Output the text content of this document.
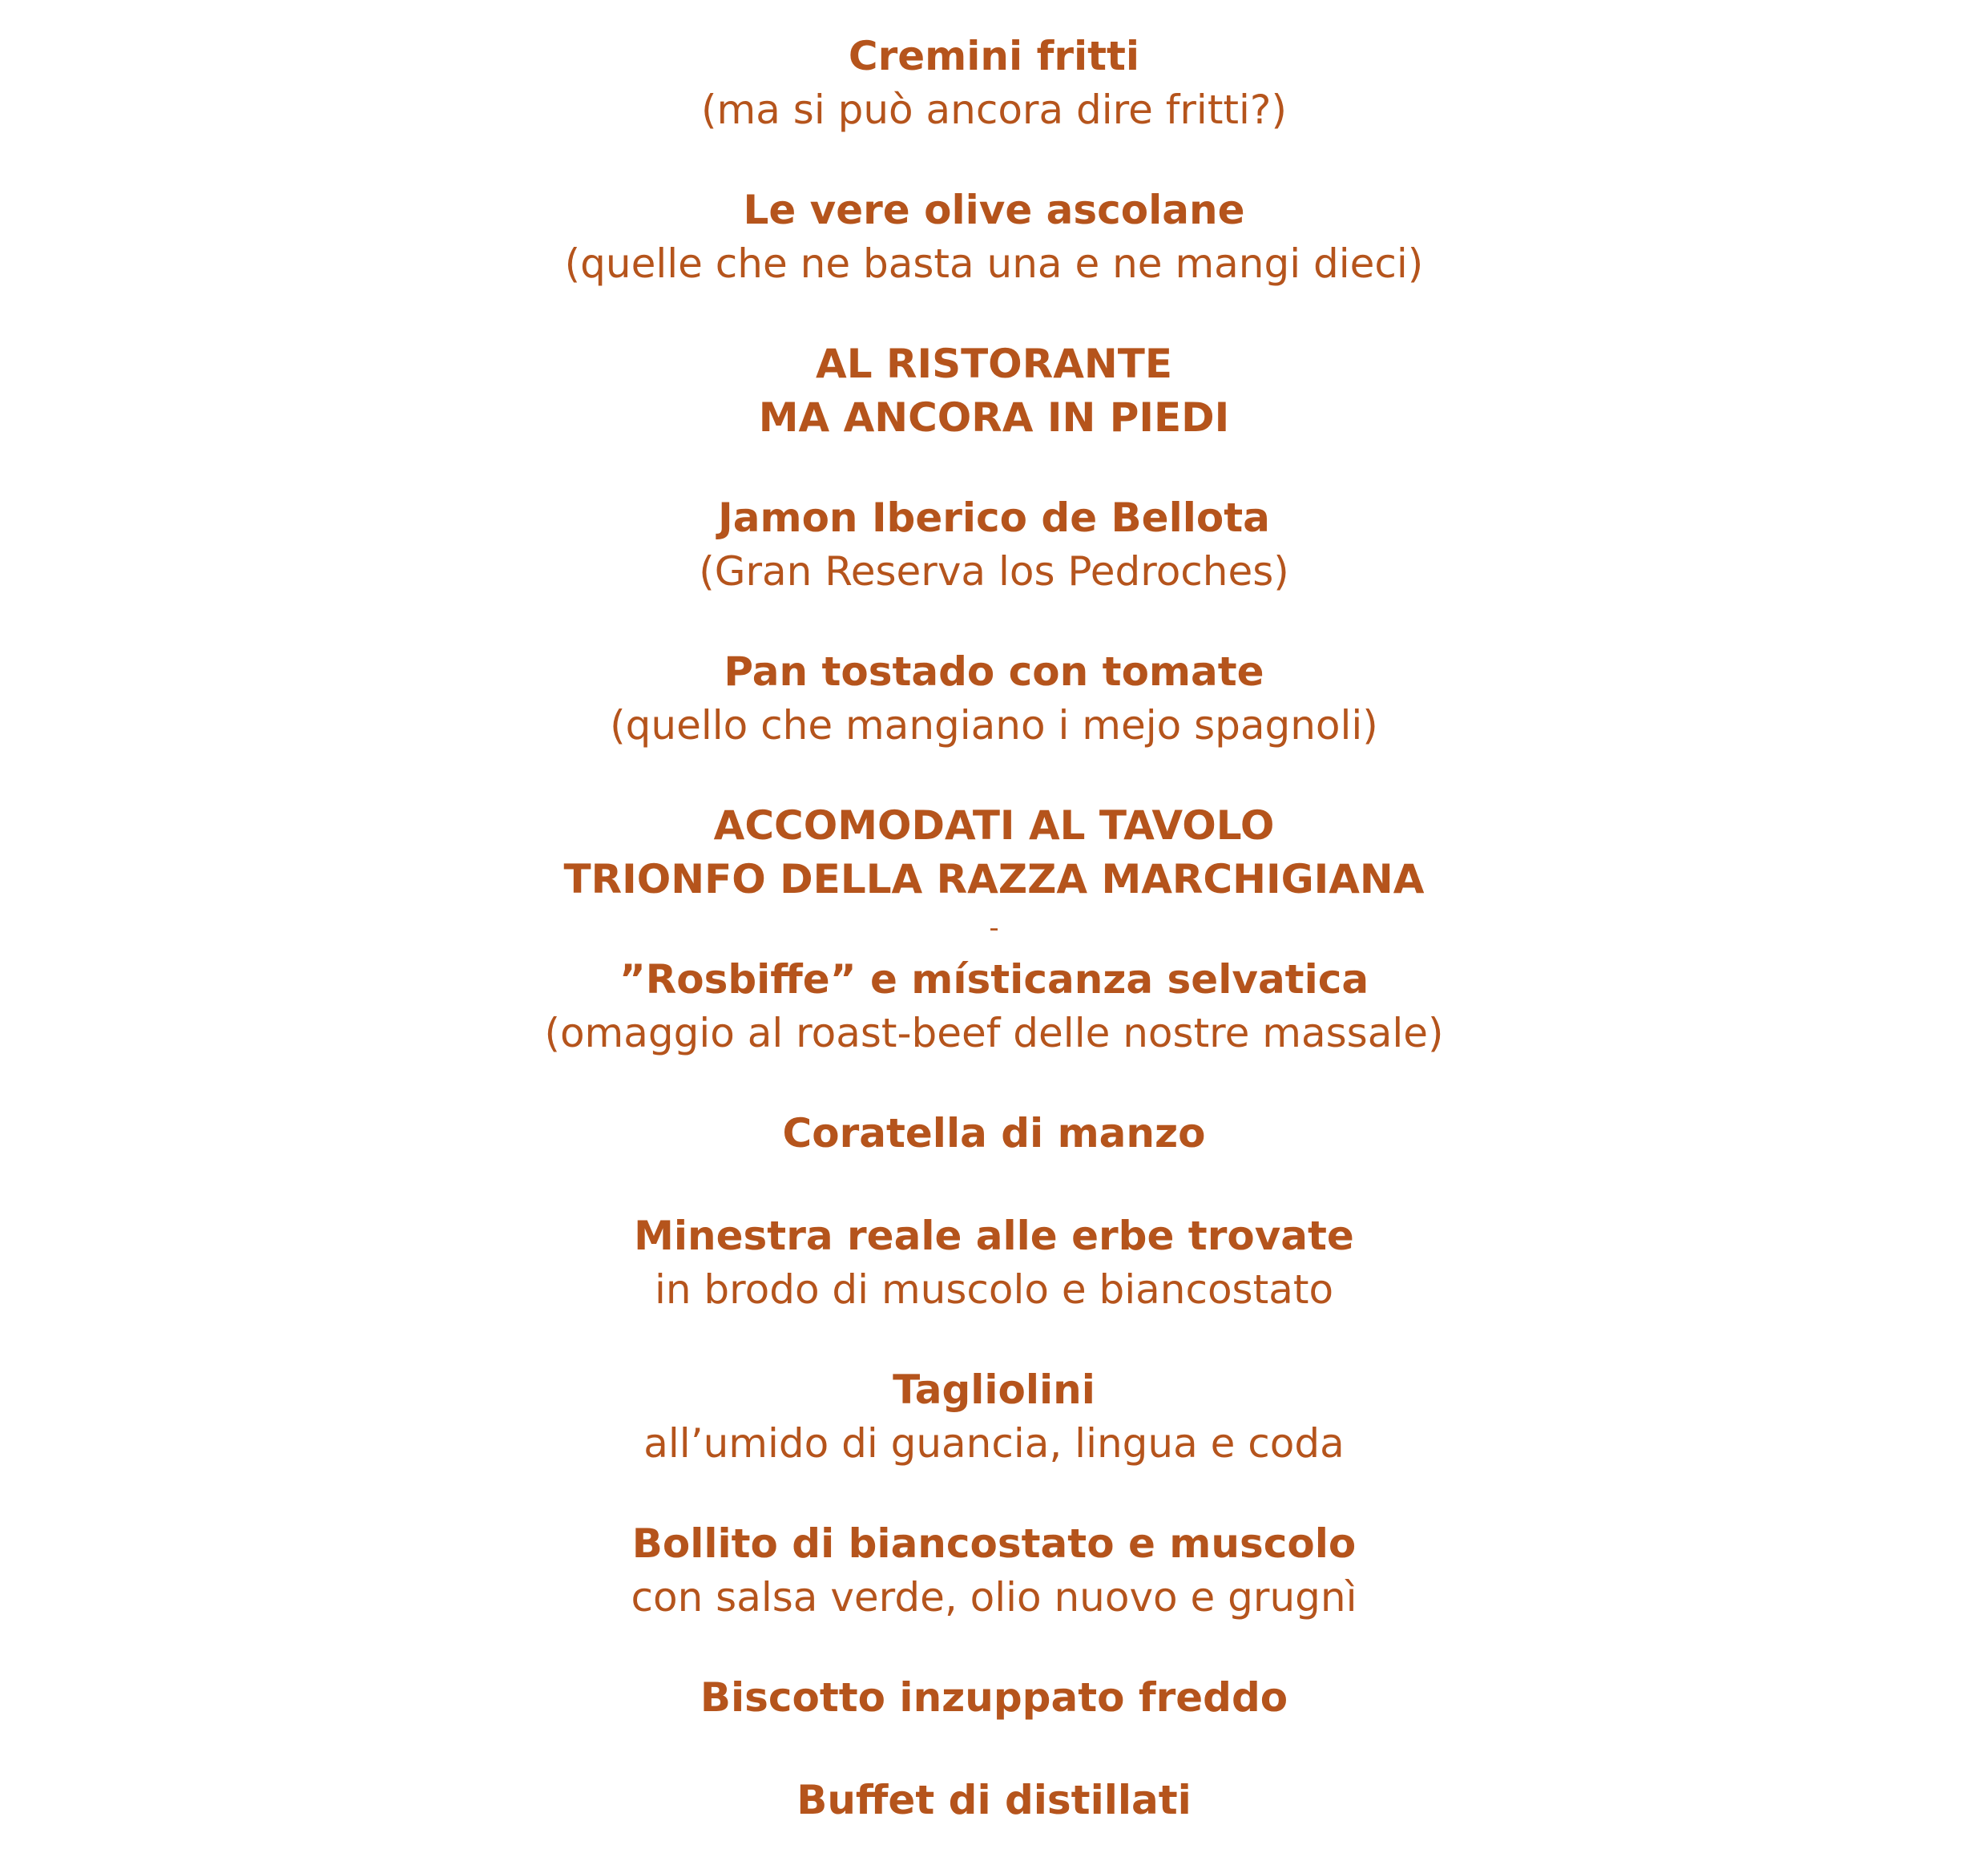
Cremini fritti
(ma si può ancora dire fritti?)
Le vere olive ascolane
(quelle che ne basta una e ne mangi dieci)
AL RISTORANTE
MA ANCORA IN PIEDI
Jamon Iberico de Bellota
(Gran Reserva los Pedroches)
Pan tostado con tomate
(quello che mangiano i mejo spagnoli)
ACCOMODATI AL TAVOLO
TRIONFO DELLA RAZZA MARCHIGIANA
-
”Rosbiffe” e místicanza selvatica
(omaggio al roast-beef delle nostre massale)
Coratella di manzo
Minestra reale alle erbe trovate
in brodo di muscolo e biancostato
Tagliolini
all’umido di guancia, lingua e coda
Bollito di biancostato e muscolo
con salsa verde, olio nuovo e grugnì
Biscotto inzuppato freddo
Buffet di distillati
